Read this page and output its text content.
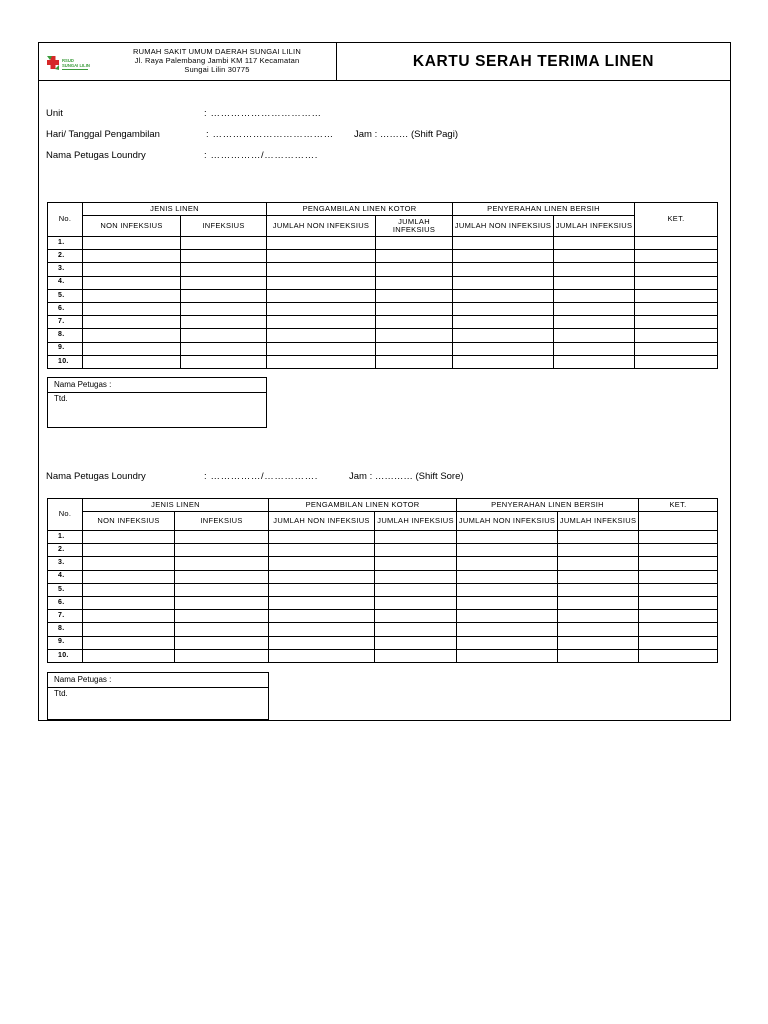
RSUD
SUNGAI LILIN
RUMAH SAKIT UMUM DAERAH SUNGAI LILIN
Jl. Raya Palembang Jambi KM 117 Kecamatan
Sungai Lilin 30775	KARTU SERAH TERIMA LINEN
Unit	: ……………………………
Hari/ Tanggal Pengambilan	: ……………………………… Jam : ……… (Shift Pagi)
Nama Petugas Loundry	: ……………/…………….
No.	JENIS LINEN		PENGAMBILAN LINEN KOTOR		PENYERAHAN LINEN BERSIH		KET.
	NON INFEKSIUS	INFEKSIUS	JUMLAH NON INFEKSIUS	JUMLAH INFEKSIUS	JUMLAH NON INFEKSIUS	JUMLAH INFEKSIUS	
1.							
2.							
3.							
4.							
5.							
6.							
7.							
8.							
9.							
10.							
Nama Petugas :
Ttd.
Nama Petugas Loundry	: ……………/…………….	Jam : ………… (Shift Sore)
No.	JENIS LINEN		PENGAMBILAN LINEN KOTOR		PENYERAHAN LINEN BERSIH		KET.
	NON INFEKSIUS	INFEKSIUS	JUMLAH NON INFEKSIUS	JUMLAH INFEKSIUS	JUMLAH NON INFEKSIUS	JUMLAH INFEKSIUS	
1.							
2.							
3.							
4.							
5.							
6.							
7.							
8.							
9.							
10.							
Nama Petugas :
Ttd.
